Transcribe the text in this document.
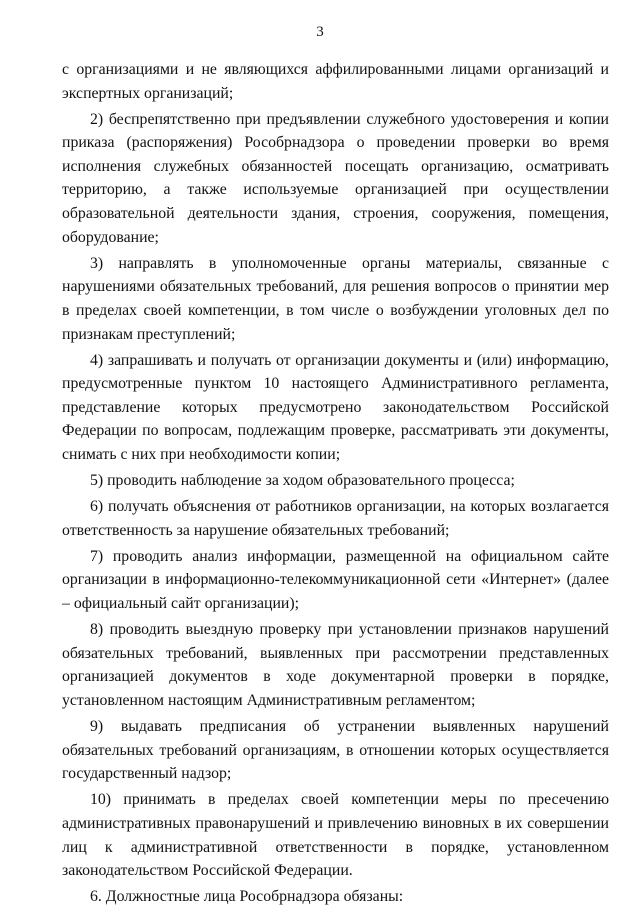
3

с организациями и не являющихся аффилированными лицами организаций и экспертных организаций;

2) беспрепятственно при предъявлении служебного удостоверения и копии приказа (распоряжения) Рособрнадзора о проведении проверки во время исполнения служебных обязанностей посещать организацию, осматривать территорию, а также используемые организацией при осуществлении образовательной деятельности здания, строения, сооружения, помещения, оборудование;

3) направлять в уполномоченные органы материалы, связанные с нарушениями обязательных требований, для решения вопросов о принятии мер в пределах своей компетенции, в том числе о возбуждении уголовных дел по признакам преступлений;

4) запрашивать и получать от организации документы и (или) информацию, предусмотренные пунктом 10 настоящего Административного регламента, представление которых предусмотрено законодательством Российской Федерации по вопросам, подлежащим проверке, рассматривать эти документы, снимать с них при необходимости копии;

5) проводить наблюдение за ходом образовательного процесса;

6) получать объяснения от работников организации, на которых возлагается ответственность за нарушение обязательных требований;

7) проводить анализ информации, размещенной на официальном сайте организации в информационно-телекоммуникационной сети «Интернет» (далее – официальный сайт организации);

8) проводить выездную проверку при установлении признаков нарушений обязательных требований, выявленных при рассмотрении представленных организацией документов в ходе документарной проверки в порядке, установленном настоящим Административным регламентом;

9) выдавать предписания об устранении выявленных нарушений обязательных требований организациям, в отношении которых осуществляется государственный надзор;

10) принимать в пределах своей компетенции меры по пресечению административных правонарушений и привлечению виновных в их совершении лиц к административной ответственности в порядке, установленном законодательством Российской Федерации.

6. Должностные лица Рособрнадзора обязаны:
